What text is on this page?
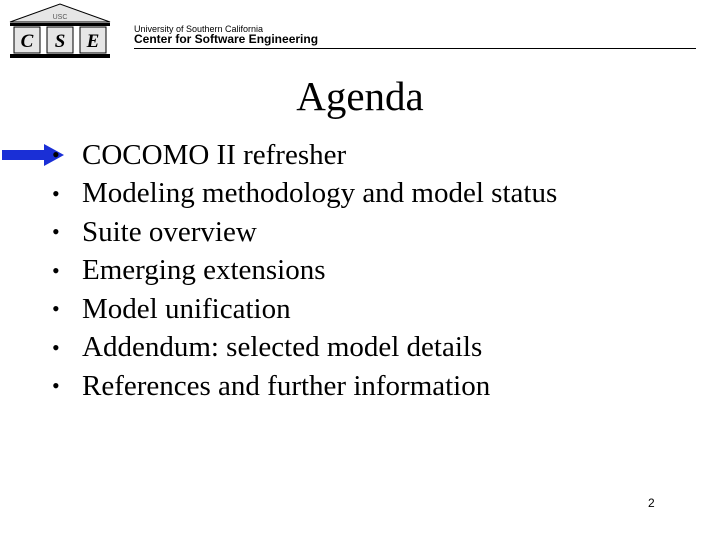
USC
C S E
University of Southern California
Center for Software Engineering
Agenda
• COCOMO II refresher
• Modeling methodology and model status
• Suite overview
• Emerging extensions
• Model unification
• Addendum: selected model details
• References and further information
2
